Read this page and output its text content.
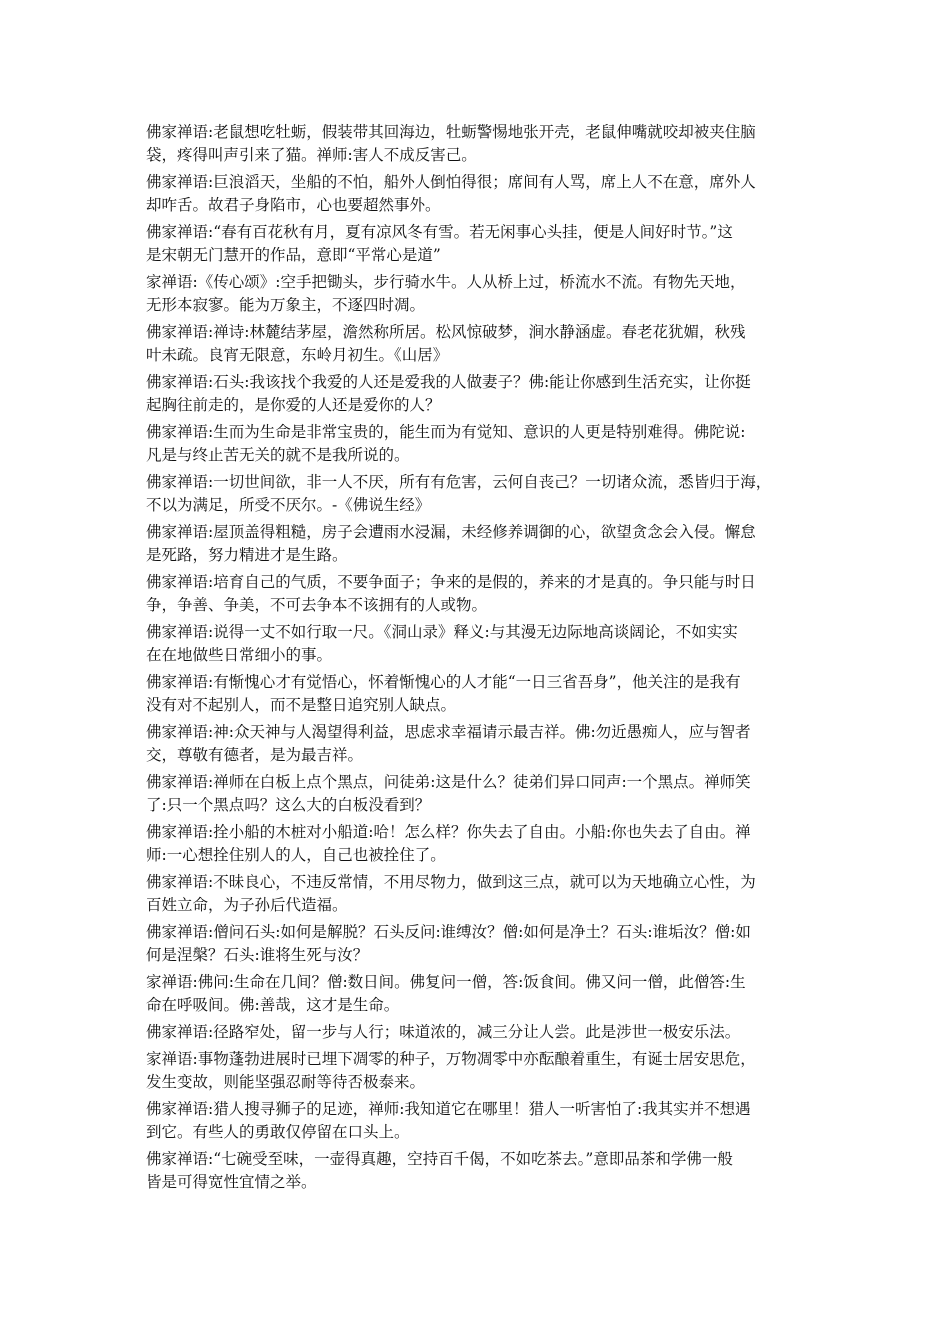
佛家禅语:老鼠想吃牡蛎，假装带其回海边，牡蛎警惕地张开壳，老鼠伸嘴就咬却被夹住脑
袋，疼得叫声引来了猫。禅师:害人不成反害己。
佛家禅语:巨浪滔天，坐船的不怕，船外人倒怕得很；席间有人骂，席上人不在意，席外人
却咋舌。故君子身陷市，心也要超然事外。
佛家禅语:“春有百花秋有月，夏有凉风冬有雪。若无闲事心头挂，便是人间好时节。”这
是宋朝无门慧开的作品，意即“平常心是道”
家禅语:《传心颂》:空手把锄头，步行骑水牛。人从桥上过，桥流水不流。有物先天地，
无形本寂寥。能为万象主，不逐四时凋。
佛家禅语:禅诗:林麓结茅屋，澹然称所居。松风惊破梦，涧水静涵虚。春老花犹媚，秋残
叶未疏。良宵无限意，东岭月初生。《山居》
佛家禅语:石头:我该找个我爱的人还是爱我的人做妻子？佛:能让你感到生活充实，让你挺
起胸往前走的，是你爱的人还是爱你的人？
佛家禅语:生而为生命是非常宝贵的，能生而为有觉知、意识的人更是特别难得。佛陀说:
凡是与终止苦无关的就不是我所说的。
佛家禅语:一切世间欲，非一人不厌，所有有危害，云何自丧己？一切诸众流，悉皆归于海，
不以为满足，所受不厌尔。-《佛说生经》
佛家禅语:屋顶盖得粗糙，房子会遭雨水浸漏，未经修养调御的心，欲望贪念会入侵。懈怠
是死路，努力精进才是生路。
佛家禅语:培育自己的气质，不要争面子；争来的是假的，养来的才是真的。争只能与时日
争，争善、争美，不可去争本不该拥有的人或物。
佛家禅语:说得一丈不如行取一尺。《洞山录》释义:与其漫无边际地高谈阔论，不如实实
在在地做些日常细小的事。
佛家禅语:有惭愧心才有觉悟心，怀着惭愧心的人才能“一日三省吾身”，他关注的是我有
没有对不起别人，而不是整日追究别人缺点。
佛家禅语:神:众天神与人渴望得利益，思虑求幸福请示最吉祥。佛:勿近愚痴人，应与智者
交，尊敬有德者，是为最吉祥。
佛家禅语:禅师在白板上点个黑点，问徒弟:这是什么？徒弟们异口同声:一个黑点。禅师笑
了:只一个黑点吗？这么大的白板没看到？
佛家禅语:拴小船的木桩对小船道:哈！怎么样？你失去了自由。小船:你也失去了自由。禅
师:一心想拴住别人的人，自己也被拴住了。
佛家禅语:不昧良心，不违反常情，不用尽物力，做到这三点，就可以为天地确立心性，为
百姓立命，为子孙后代造福。
佛家禅语:僧问石头:如何是解脱？石头反问:谁缚汝？僧:如何是净土？石头:谁垢汝？僧:如
何是涅槃？石头:谁将生死与汝？
家禅语:佛问:生命在几间？僧:数日间。佛复问一僧，答:饭食间。佛又问一僧，此僧答:生
命在呼吸间。佛:善哉，这才是生命。
佛家禅语:径路窄处，留一步与人行；味道浓的，减三分让人尝。此是涉世一极安乐法。
家禅语:事物蓬勃进展时已埋下凋零的种子，万物凋零中亦酝酿着重生，有诞士居安思危，
发生变故，则能坚强忍耐等待否极泰来。
佛家禅语:猎人搜寻狮子的足迹，禅师:我知道它在哪里！猎人一听害怕了:我其实并不想遇
到它。有些人的勇敢仅停留在口头上。
佛家禅语:“七碗受至味，一壶得真趣，空持百千偈，不如吃茶去。”意即品茶和学佛一般
皆是可得宽性宜情之举。
